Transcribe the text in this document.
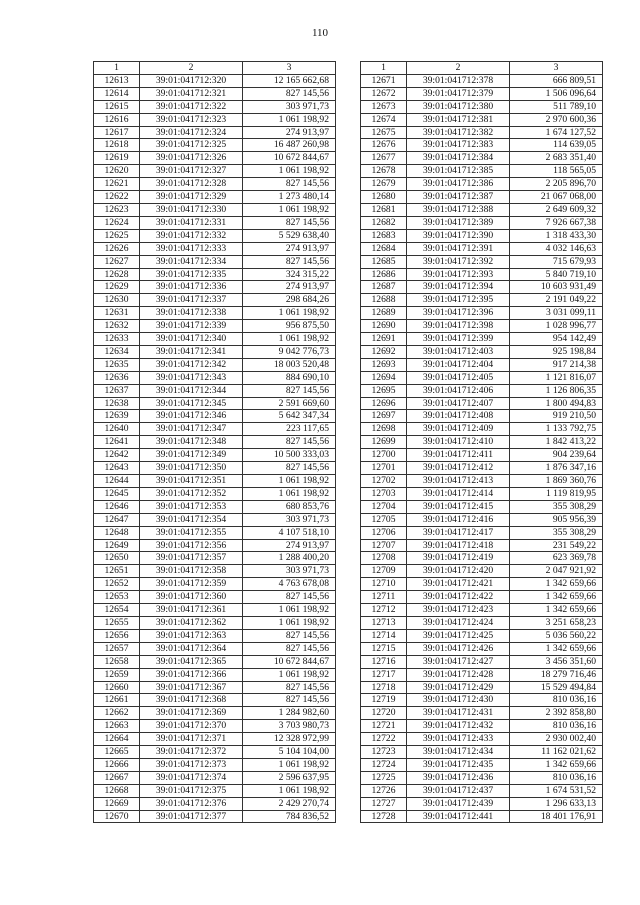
110
1	2	3
12613	39:01:041712:320	12 165 662,68
12614	39:01:041712:321	827 145,56
12615	39:01:041712:322	303 971,73
12616	39:01:041712:323	1 061 198,92
12617	39:01:041712:324	274 913,97
12618	39:01:041712:325	16 487 260,98
12619	39:01:041712:326	10 672 844,67
12620	39:01:041712:327	1 061 198,92
12621	39:01:041712:328	827 145,56
12622	39:01:041712:329	1 273 480,14
12623	39:01:041712:330	1 061 198,92
12624	39:01:041712:331	827 145,56
12625	39:01:041712:332	5 529 638,40
12626	39:01:041712:333	274 913,97
12627	39:01:041712:334	827 145,56
12628	39:01:041712:335	324 315,22
12629	39:01:041712:336	274 913,97
12630	39:01:041712:337	298 684,26
12631	39:01:041712:338	1 061 198,92
12632	39:01:041712:339	956 875,50
12633	39:01:041712:340	1 061 198,92
12634	39:01:041712:341	9 042 776,73
12635	39:01:041712:342	18 003 520,48
12636	39:01:041712:343	884 690,10
12637	39:01:041712:344	827 145,56
12638	39:01:041712:345	2 591 669,60
12639	39:01:041712:346	5 642 347,34
12640	39:01:041712:347	223 117,65
12641	39:01:041712:348	827 145,56
12642	39:01:041712:349	10 500 333,03
12643	39:01:041712:350	827 145,56
12644	39:01:041712:351	1 061 198,92
12645	39:01:041712:352	1 061 198,92
12646	39:01:041712:353	680 853,76
12647	39:01:041712:354	303 971,73
12648	39:01:041712:355	4 107 518,10
12649	39:01:041712:356	274 913,97
12650	39:01:041712:357	1 288 400,20
12651	39:01:041712:358	303 971,73
12652	39:01:041712:359	4 763 678,08
12653	39:01:041712:360	827 145,56
12654	39:01:041712:361	1 061 198,92
12655	39:01:041712:362	1 061 198,92
12656	39:01:041712:363	827 145,56
12657	39:01:041712:364	827 145,56
12658	39:01:041712:365	10 672 844,67
12659	39:01:041712:366	1 061 198,92
12660	39:01:041712:367	827 145,56
12661	39:01:041712:368	827 145,56
12662	39:01:041712:369	1 284 982,60
12663	39:01:041712:370	3 703 980,73
12664	39:01:041712:371	12 328 972,99
12665	39:01:041712:372	5 104 104,00
12666	39:01:041712:373	1 061 198,92
12667	39:01:041712:374	2 596 637,95
12668	39:01:041712:375	1 061 198,92
12669	39:01:041712:376	2 429 270,74
12670	39:01:041712:377	784 836,52
1	2	3
12671	39:01:041712:378	666 809,51
12672	39:01:041712:379	1 506 096,64
12673	39:01:041712:380	511 789,10
12674	39:01:041712:381	2 970 600,36
12675	39:01:041712:382	1 674 127,52
12676	39:01:041712:383	114 639,05
12677	39:01:041712:384	2 683 351,40
12678	39:01:041712:385	118 565,05
12679	39:01:041712:386	2 205 896,70
12680	39:01:041712:387	21 067 068,00
12681	39:01:041712:388	2 649 609,32
12682	39:01:041712:389	7 926 667,38
12683	39:01:041712:390	1 318 433,30
12684	39:01:041712:391	4 032 146,63
12685	39:01:041712:392	715 679,93
12686	39:01:041712:393	5 840 719,10
12687	39:01:041712:394	10 603 931,49
12688	39:01:041712:395	2 191 049,22
12689	39:01:041712:396	3 031 099,11
12690	39:01:041712:398	1 028 996,77
12691	39:01:041712:399	954 142,49
12692	39:01:041712:403	925 198,84
12693	39:01:041712:404	917 214,38
12694	39:01:041712:405	1 121 816,07
12695	39:01:041712:406	1 126 806,35
12696	39:01:041712:407	1 800 494,83
12697	39:01:041712:408	919 210,50
12698	39:01:041712:409	1 133 792,75
12699	39:01:041712:410	1 842 413,22
12700	39:01:041712:411	904 239,64
12701	39:01:041712:412	1 876 347,16
12702	39:01:041712:413	1 869 360,76
12703	39:01:041712:414	1 119 819,95
12704	39:01:041712:415	355 308,29
12705	39:01:041712:416	905 956,39
12706	39:01:041712:417	355 308,29
12707	39:01:041712:418	231 549,22
12708	39:01:041712:419	623 369,78
12709	39:01:041712:420	2 047 921,92
12710	39:01:041712:421	1 342 659,66
12711	39:01:041712:422	1 342 659,66
12712	39:01:041712:423	1 342 659,66
12713	39:01:041712:424	3 251 658,23
12714	39:01:041712:425	5 036 560,22
12715	39:01:041712:426	1 342 659,66
12716	39:01:041712:427	3 456 351,60
12717	39:01:041712:428	18 279 716,46
12718	39:01:041712:429	15 529 494,84
12719	39:01:041712:430	810 036,16
12720	39:01:041712:431	2 392 858,80
12721	39:01:041712:432	810 036,16
12722	39:01:041712:433	2 930 002,40
12723	39:01:041712:434	11 162 021,62
12724	39:01:041712:435	1 342 659,66
12725	39:01:041712:436	810 036,16
12726	39:01:041712:437	1 674 531,52
12727	39:01:041712:439	1 296 633,13
12728	39:01:041712:441	18 401 176,91
